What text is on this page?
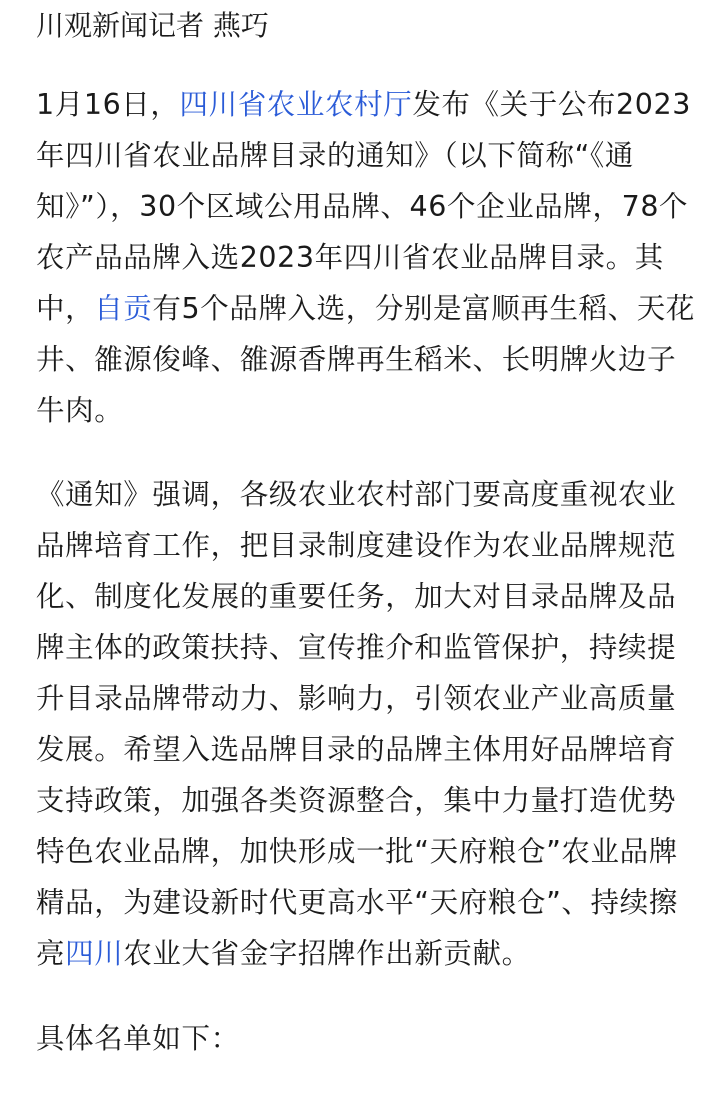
川观新闻记者 燕巧

1月16日，四川省农业农村厅发布《关于公布2023年四川省农业品牌目录的通知》（以下简称“《通知》”），30个区域公用品牌、46个企业品牌，78个农产品品牌入选2023年四川省农业品牌目录。其中，自贡有5个品牌入选，分别是富顺再生稻、天花井、雒源俊峰、雒源香牌再生稻米、长明牌火边子牛肉。

《通知》强调，各级农业农村部门要高度重视农业品牌培育工作，把目录制度建设作为农业品牌规范化、制度化发展的重要任务，加大对目录品牌及品牌主体的政策扶持、宣传推介和监管保护，持续提升目录品牌带动力、影响力，引领农业产业高质量发展。希望入选品牌目录的品牌主体用好品牌培育支持政策，加强各类资源整合，集中力量打造优势特色农业品牌，加快形成一批“天府粮仓”农业品牌精品，为建设新时代更高水平“天府粮仓”、持续擦亮四川农业大省金字招牌作出新贡献。

具体名单如下：
